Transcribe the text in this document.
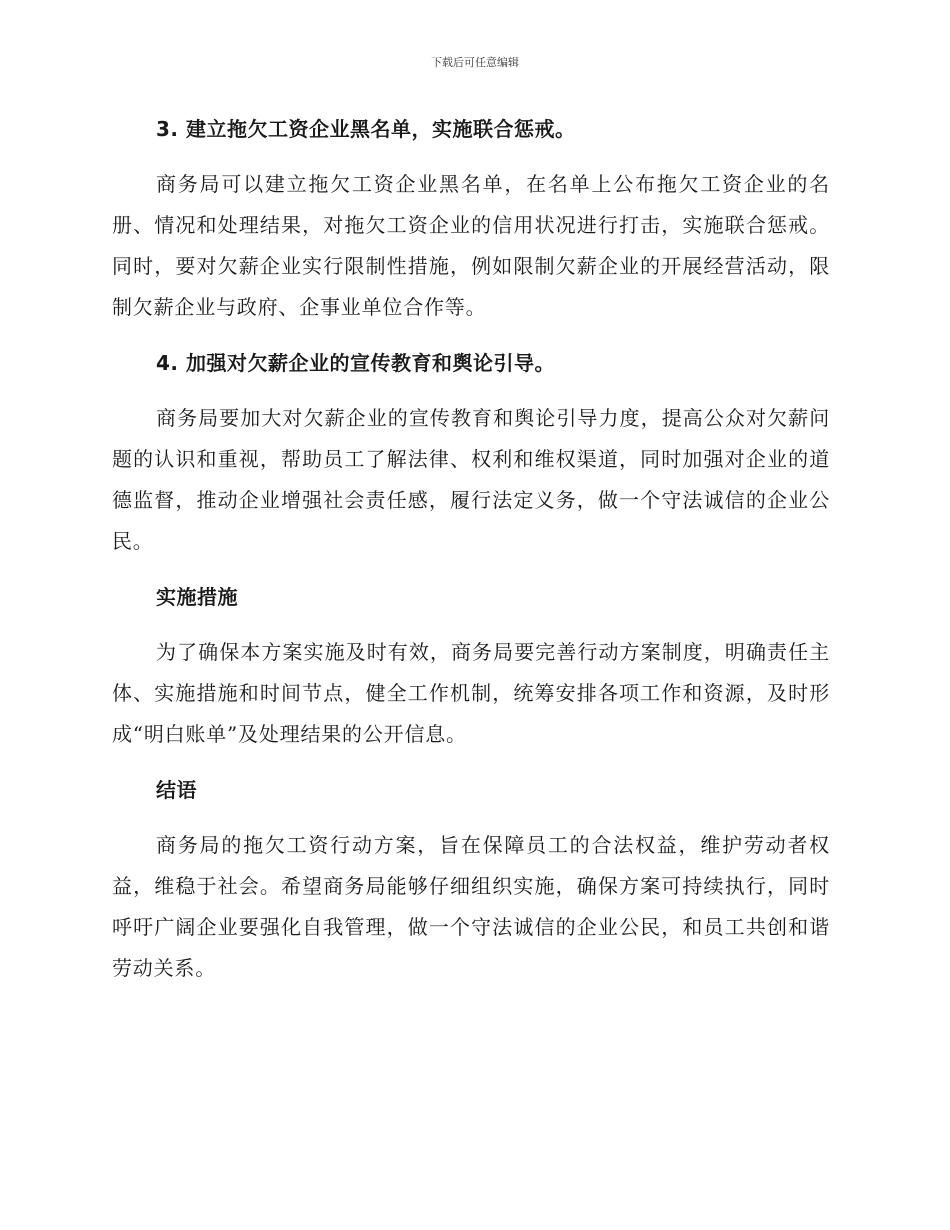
下载后可任意编辑
3. 建立拖欠工资企业黑名单，实施联合惩戒。

商务局可以建立拖欠工资企业黑名单，在名单上公布拖欠工资企业的名册、情况和处理结果，对拖欠工资企业的信用状况进行打击，实施联合惩戒。同时，要对欠薪企业实行限制性措施，例如限制欠薪企业的开展经营活动，限制欠薪企业与政府、企事业单位合作等。

4. 加强对欠薪企业的宣传教育和舆论引导。

商务局要加大对欠薪企业的宣传教育和舆论引导力度，提高公众对欠薪问题的认识和重视，帮助员工了解法律、权利和维权渠道，同时加强对企业的道德监督，推动企业增强社会责任感，履行法定义务，做一个守法诚信的企业公民。

实施措施

为了确保本方案实施及时有效，商务局要完善行动方案制度，明确责任主体、实施措施和时间节点，健全工作机制，统筹安排各项工作和资源，及时形成“明白账单”及处理结果的公开信息。

结语

商务局的拖欠工资行动方案，旨在保障员工的合法权益，维护劳动者权益，维稳于社会。希望商务局能够仔细组织实施，确保方案可持续执行，同时呼吁广阔企业要强化自我管理，做一个守法诚信的企业公民，和员工共创和谐劳动关系。
